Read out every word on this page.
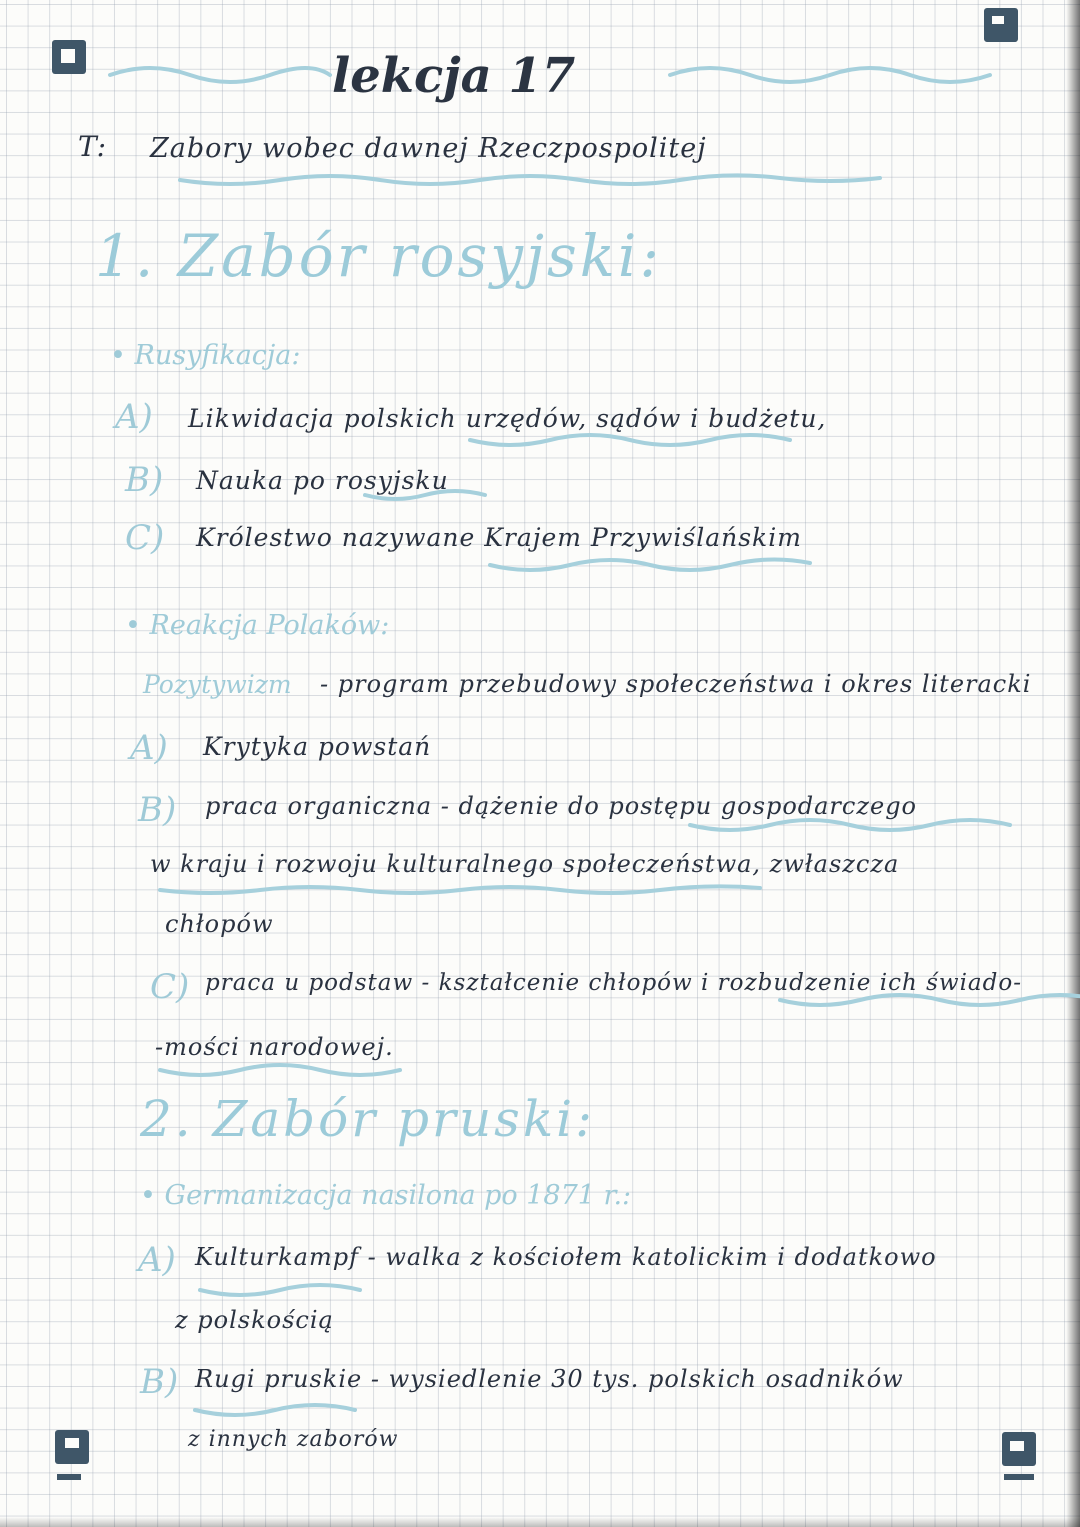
lekcja 17
T: Zabory wobec dawnej Rzeczpospolitej
1. Zabór rosyjski:
• Rusyfikacja:
A) Likwidacja polskich urzędów, sądów i budżetu,
B) Nauka po rosyjsku
C) Królestwo nazywane Krajem Przywiślańskim
• Reakcja Polaków:
Pozytywizm - program przebudowy społeczeństwa i okres literacki
A) Krytyka powstań
B) praca organiczna - dążenie do postępu gospodarczego
w kraju i rozwoju kulturalnego społeczeństwa, zwłaszcza
chłopów
C) praca u podstaw - kształcenie chłopów i rozbudzenie ich świado-
-mości narodowej.
2. Zabór pruski:
• Germanizacja nasilona po 1871 r.:
A) Kulturkampf - walka z kościołem katolickim i dodatkowo
z polskością
B) Rugi pruskie - wysiedlenie 30 tys. polskich osadników
z innych zaborów
